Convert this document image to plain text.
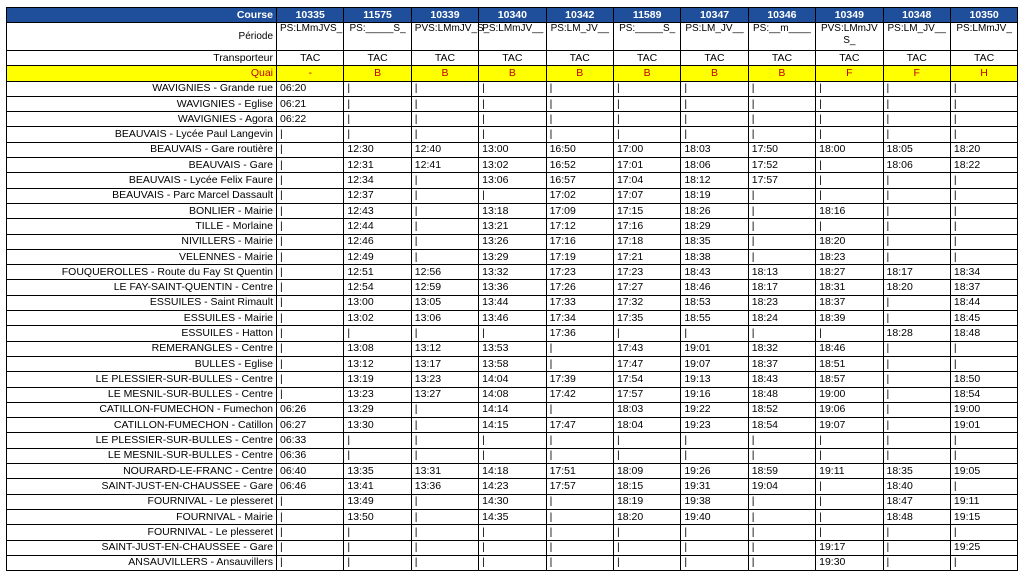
Course	10335	11575	10339	10340	10342	11589	10347	10346	10349	10348	10350
Période	PS:LMmJVS_	PS:_____S_	PVS:LMmJV_S_	PS:LMmJV__	PS:LM_JV__	PS:_____S_	PS:LM_JV__	PS:__m____	PVS:LMmJV S_	PS:LM_JV__	PS:LMmJV_
Transporteur	TAC	TAC	TAC	TAC	TAC	TAC	TAC	TAC	TAC	TAC	TAC
Quai	-	B	B	B	B	B	B	B	F	F	H
WAVIGNIES - Grande rue	06:20	|	|	|	|	|	|	|	|	|	|
WAVIGNIES - Eglise	06:21	|	|	|	|	|	|	|	|	|	|
WAVIGNIES - Agora	06:22	|	|	|	|	|	|	|	|	|	|
BEAUVAIS - Lycée Paul Langevin	|	|	|	|	|	|	|	|	|	|	|
BEAUVAIS - Gare routière	|	12:30	12:40	13:00	16:50	17:00	18:03	17:50	18:00	18:05	18:20
BEAUVAIS - Gare	|	12:31	12:41	13:02	16:52	17:01	18:06	17:52	|	18:06	18:22
BEAUVAIS - Lycée Felix Faure	|	12:34	|	13:06	16:57	17:04	18:12	17:57	|	|	|
BEAUVAIS - Parc Marcel Dassault	|	12:37	|	|	17:02	17:07	18:19	|	|	|	|
BONLIER - Mairie	|	12:43	|	13:18	17:09	17:15	18:26	|	18:16	|	|
TILLE - Morlaine	|	12:44	|	13:21	17:12	17:16	18:29	|	|	|	|
NIVILLERS - Mairie	|	12:46	|	13:26	17:16	17:18	18:35	|	18:20	|	|
VELENNES - Mairie	|	12:49	|	13:29	17:19	17:21	18:38	|	18:23	|	|
FOUQUEROLLES - Route du Fay St Quentin	|	12:51	12:56	13:32	17:23	17:23	18:43	18:13	18:27	18:17	18:34
LE FAY-SAINT-QUENTIN - Centre	|	12:54	12:59	13:36	17:26	17:27	18:46	18:17	18:31	18:20	18:37
ESSUILES - Saint Rimault	|	13:00	13:05	13:44	17:33	17:32	18:53	18:23	18:37	|	18:44
ESSUILES - Mairie	|	13:02	13:06	13:46	17:34	17:35	18:55	18:24	18:39	|	18:45
ESSUILES - Hatton	|	|	|	|	17:36	|	|	|	|	18:28	18:48
REMERANGLES - Centre	|	13:08	13:12	13:53	|	17:43	19:01	18:32	18:46	|	|
BULLES - Eglise	|	13:12	13:17	13:58	|	17:47	19:07	18:37	18:51	|	|
LE PLESSIER-SUR-BULLES - Centre	|	13:19	13:23	14:04	17:39	17:54	19:13	18:43	18:57	|	18:50
LE MESNIL-SUR-BULLES - Centre	|	13:23	13:27	14:08	17:42	17:57	19:16	18:48	19:00	|	18:54
CATILLON-FUMECHON - Fumechon	06:26	13:29	|	14:14	|	18:03	19:22	18:52	19:06	|	19:00
CATILLON-FUMECHON - Catillon	06:27	13:30	|	14:15	17:47	18:04	19:23	18:54	19:07	|	19:01
LE PLESSIER-SUR-BULLES - Centre	06:33	|	|	|	|	|	|	|	|	|	|
LE MESNIL-SUR-BULLES - Centre	06:36	|	|	|	|	|	|	|	|	|	|
NOURARD-LE-FRANC - Centre	06:40	13:35	13:31	14:18	17:51	18:09	19:26	18:59	19:11	18:35	19:05
SAINT-JUST-EN-CHAUSSEE - Gare	06:46	13:41	13:36	14:23	17:57	18:15	19:31	19:04	|	18:40	|
FOURNIVAL - Le plesseret	|	13:49	|	14:30	|	18:19	19:38	|	|	18:47	19:11
FOURNIVAL - Mairie	|	13:50	|	14:35	|	18:20	19:40	|	|	18:48	19:15
FOURNIVAL - Le plesseret	|	|	|	|	|	|	|	|	|	|	|
SAINT-JUST-EN-CHAUSSEE - Gare	|	|	|	|	|	|	|	|	19:17	|	19:25
ANSAUVILLERS - Ansauvillers	|	|	|	|	|	|	|	|	19:30	|	|
